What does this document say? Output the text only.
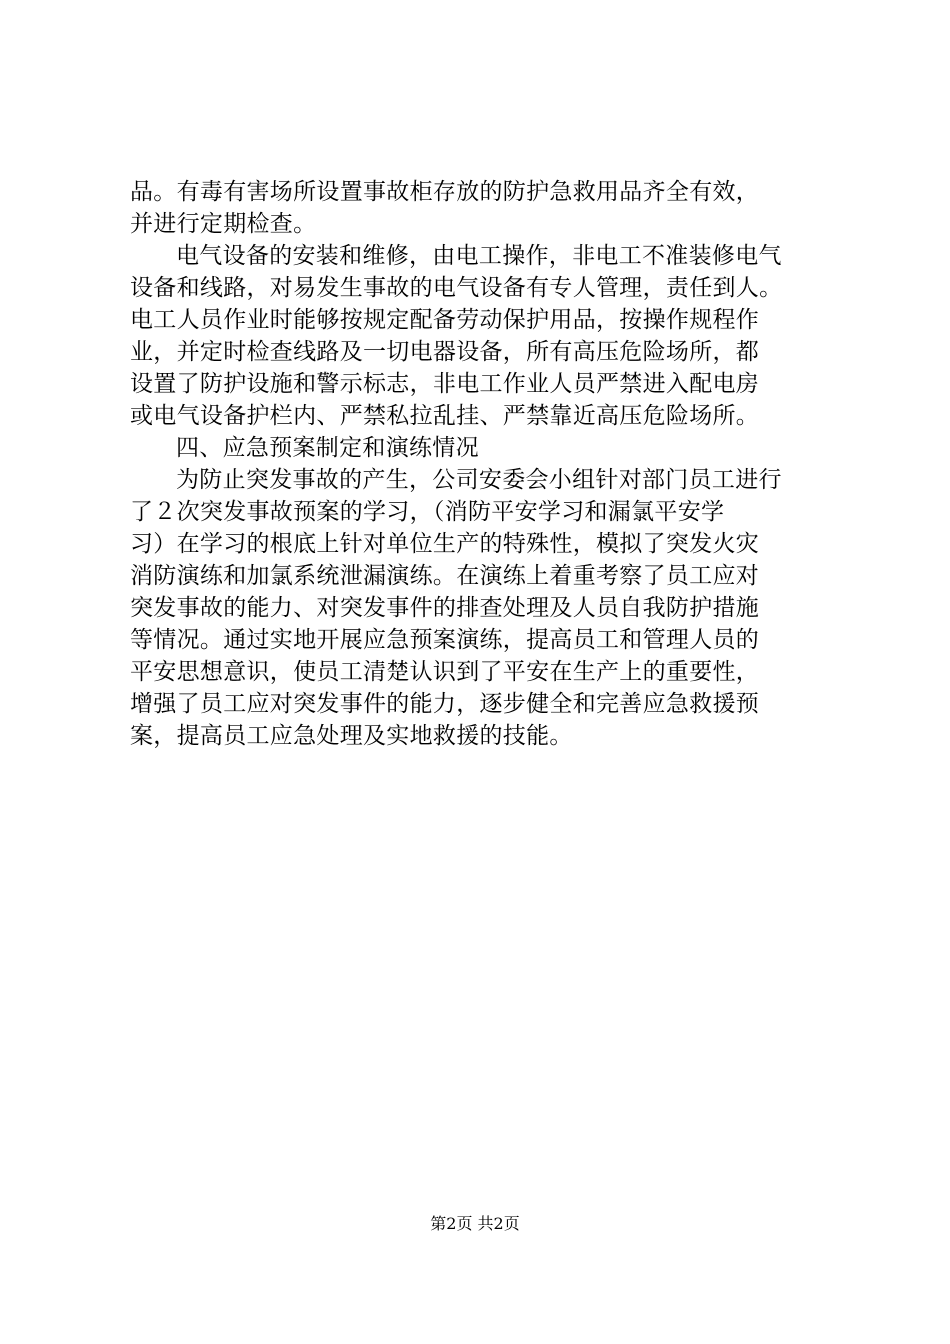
品。有毒有害场所设置事故柜存放的防护急救用品齐全有效，
并进行定期检查。
电气设备的安装和维修，由电工操作，非电工不准装修电气
设备和线路，对易发生事故的电气设备有专人管理，责任到人。
电工人员作业时能够按规定配备劳动保护用品，按操作规程作
业，并定时检查线路及一切电器设备，所有高压危险场所，都
设置了防护设施和警示标志，非电工作业人员严禁进入配电房
或电气设备护栏内、严禁私拉乱挂、严禁靠近高压危险场所。
四、应急预案制定和演练情况
为防止突发事故的产生，公司安委会小组针对部门员工进行
了２次突发事故预案的学习，（消防平安学习和漏氯平安学
习）在学习的根底上针对单位生产的特殊性，模拟了突发火灾
消防演练和加氯系统泄漏演练。在演练上着重考察了员工应对
突发事故的能力、对突发事件的排查处理及人员自我防护措施
等情况。通过实地开展应急预案演练，提高员工和管理人员的
平安思想意识，使员工清楚认识到了平安在生产上的重要性，
增强了员工应对突发事件的能力，逐步健全和完善应急救援预
案，提高员工应急处理及实地救援的技能。
第2页 共2页
